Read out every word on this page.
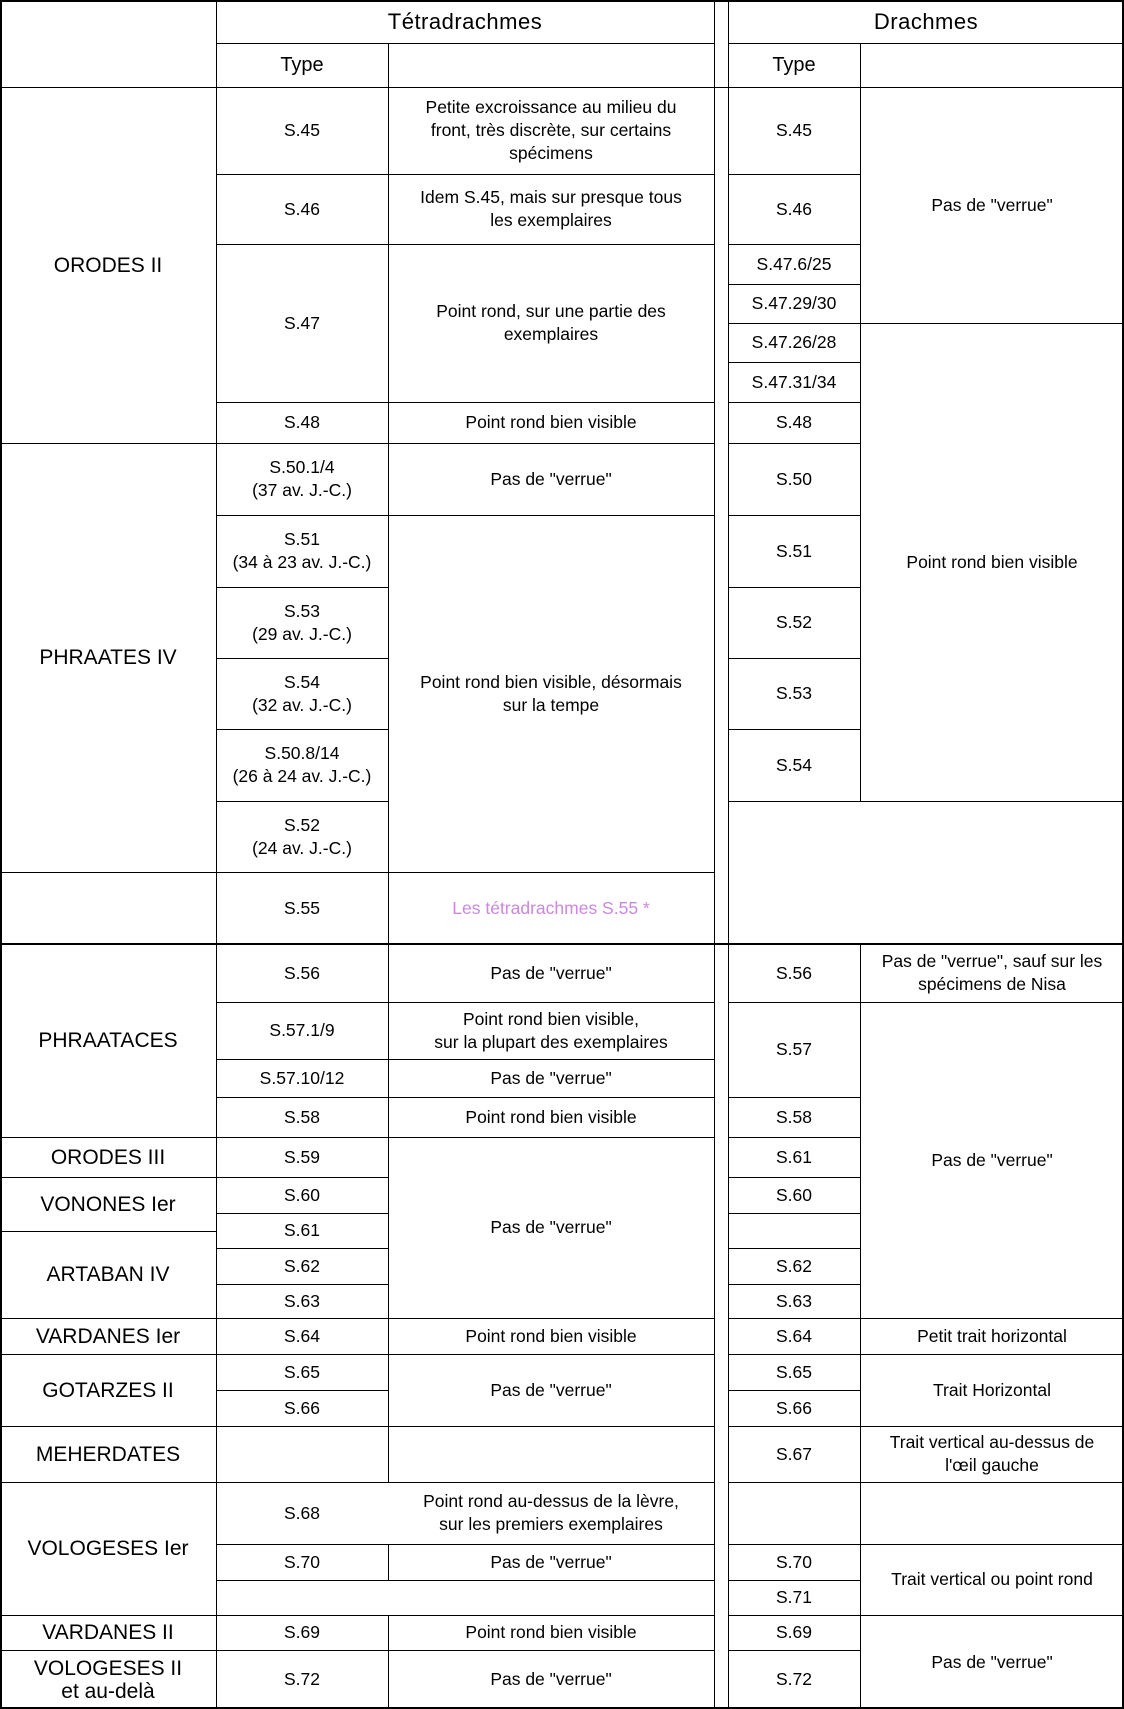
Tétradrachmes	Drachmes
Type	Type
ORODES II
PHRAATES IV
PHRAATACES
ORODES III
VONONES Ier
ARTABAN IV
VARDANES Ier
GOTARZES II
MEHERDATES
VOLOGESES Ier
VARDANES II
VOLOGESES II
et au-delà
S.45
S.46
S.47
S.48
S.50.1/4
(37 av. J.-C.)
S.51
(34 à 23 av. J.-C.)
S.53
(29 av. J.-C.)
S.54
(32 av. J.-C.)
S.50.8/14
(26 à 24 av. J.-C.)
S.52
(24 av. J.-C.)
S.55
S.56
S.57.1/9
S.57.10/12
S.58
S.59
S.60
S.61
S.62
S.63
S.64
S.65
S.66
S.68
S.70
S.69
S.72
Petite excroissance au milieu du
front, très discrète, sur certains
spécimens
Idem S.45, mais sur presque tous
les exemplaires
Point rond, sur une partie des
exemplaires
Point rond bien visible
Pas de "verrue"
Point rond bien visible, désormais
sur la tempe
Les tétradrachmes S.55 *
Pas de "verrue"
Point rond bien visible,
sur la plupart des exemplaires
Pas de "verrue"
Point rond bien visible
Pas de "verrue"
Point rond bien visible
Pas de "verrue"
Point rond au-dessus de la lèvre,
sur les premiers exemplaires
Pas de "verrue"
Point rond bien visible
Pas de "verrue"
S.45
S.46
S.47.6/25
S.47.29/30
S.47.26/28
S.47.31/34
S.48
S.50
S.51
S.52
S.53
S.54
S.56
S.57
S.58
S.61
S.60
S.62
S.63
S.64
S.65
S.66
S.67
S.70
S.71
S.69
S.72
Pas de "verrue"
Point rond bien visible
Pas de "verrue", sauf sur les
spécimens de Nisa
Pas de "verrue"
Petit trait horizontal
Trait Horizontal
Trait vertical au-dessus de
l'œil gauche
Trait vertical ou point rond
Pas de "verrue"
